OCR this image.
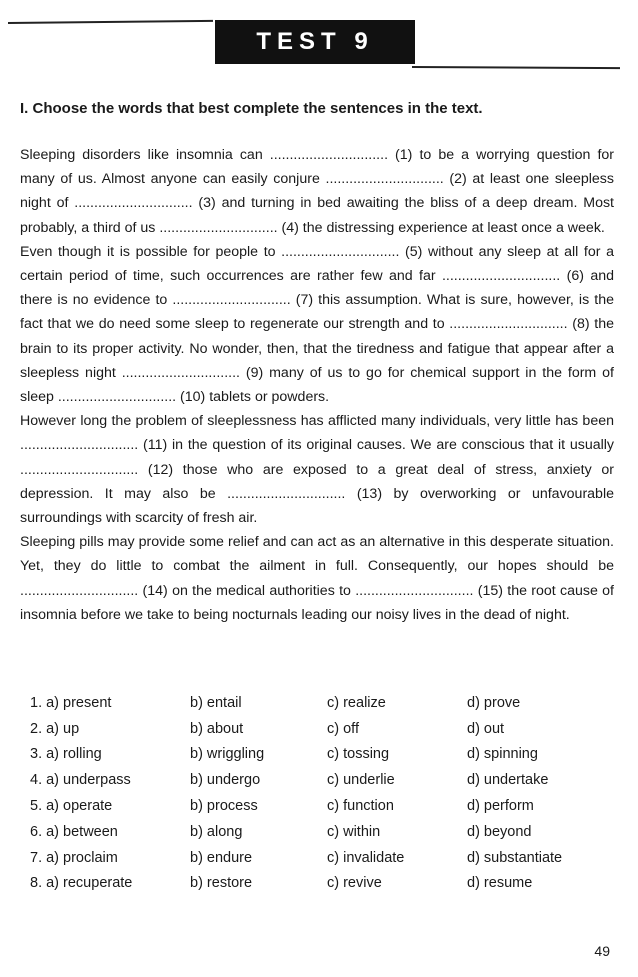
TEST 9
I. Choose the words that best complete the sentences in the text.

Sleeping disorders like insomnia can .............................. (1) to be a worrying question for many of us. Almost anyone can easily conjure .............................. (2) at least one sleepless night of .............................. (3) and turning in bed awaiting the bliss of a deep dream. Most probably, a third of us .............................. (4) the distressing experience at least once a week.

Even though it is possible for people to .............................. (5) without any sleep at all for a certain period of time, such occurrences are rather few and far .............................. (6) and there is no evidence to .............................. (7) this assumption. What is sure, however, is the fact that we do need some sleep to regenerate our strength and to .............................. (8) the brain to its proper activity. No wonder, then, that the tiredness and fatigue that appear after a sleepless night .............................. (9) many of us to go for chemical support in the form of sleep .............................. (10) tablets or powders.

However long the problem of sleeplessness has afflicted many individuals, very little has been .............................. (11) in the question of its original causes. We are conscious that it usually .............................. (12) those who are exposed to a great deal of stress, anxiety or depression. It may also be .............................. (13) by overworking or unfavourable surroundings with scarcity of fresh air.

Sleeping pills may provide some relief and can act as an alternative in this desperate situation. Yet, they do little to combat the ailment in full. Consequently, our hopes should be .............................. (14) on the medical authorities to .............................. (15) the root cause of insomnia before we take to being nocturnals leading our noisy lives in the dead of night.

1. a) present	b) entail	c) realize	d) prove
2. a) up	b) about	c) off	d) out
3. a) rolling	b) wriggling	c) tossing	d) spinning
4. a) underpass	b) undergo	c) underlie	d) undertake
5. a) operate	b) process	c) function	d) perform
6. a) between	b) along	c) within	d) beyond
7. a) proclaim	b) endure	c) invalidate	d) substantiate
8. a) recuperate	b) restore	c) revive	d) resume
49
